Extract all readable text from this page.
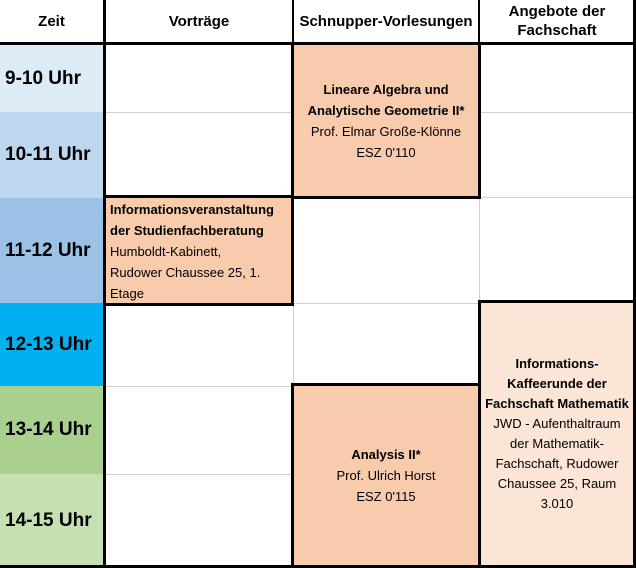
Zeit	Vorträge	Schnupper-Vorlesungen
Angebote der Fachschaft
9-10 Uhr
10-11 Uhr
11-12 Uhr
12-13 Uhr
13-14 Uhr
14-15 Uhr
Lineare Algebra und
Analytische Geometrie II*
Prof. Elmar Große-Klönne
ESZ 0'110
Informationsveranstaltung
der Studienfachberatung
Humboldt-Kabinett,
Rudower Chaussee 25, 1.
Etage
Analysis II*
Prof. Ulrich Horst
ESZ 0'115
Informations-
Kaffeerunde der
Fachschaft Mathematik
JWD - Aufenthaltraum
der Mathematik-
Fachschaft, Rudower
Chaussee 25, Raum
3.010
